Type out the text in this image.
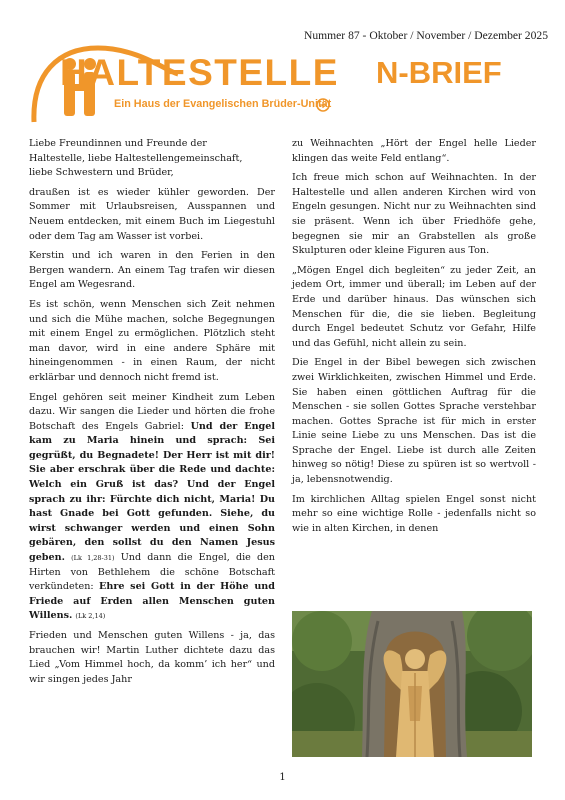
Nummer 87 - Oktober / November / Dezember 2025
HALTESTELLE N-BRIEF
Ein Haus der Evangelischen Brüder-Unität

Liebe Freundinnen und Freunde der

Haltestelle, liebe Haltestellengemeinschaft,

liebe Schwestern und Brüder,

draußen ist es wieder kühler geworden. Der Sommer mit Urlaubsreisen, Ausspannen und Neuem entdecken, mit einem Buch im Liegestuhl oder dem Tag am Wasser ist vorbei.

Kerstin und ich waren in den Ferien in den Bergen wandern. An einem Tag trafen wir diesen Engel am Wegesrand.

Es ist schön, wenn Menschen sich Zeit nehmen und sich die Mühe machen, solche Begegnungen mit einem Engel zu ermöglichen. Plötzlich steht man davor, wird in eine andere Sphäre mit hineingenommen - in einen Raum, der nicht erklärbar und dennoch nicht fremd ist.

Engel gehören seit meiner Kindheit zum Leben dazu. Wir sangen die Lieder und hörten die frohe Botschaft des Engels Gabriel: Und der Engel kam zu Maria hinein und sprach: Sei gegrüßt, du Begnadete! Der Herr ist mit dir! Sie aber erschrak über die Rede und dachte: Welch ein Gruß ist das? Und der Engel sprach zu ihr: Fürchte dich nicht, Maria! Du hast Gnade bei Gott gefunden. Siehe, du wirst schwanger werden und einen Sohn gebären, den sollst du den Namen Jesus geben. (Lk 1,28-31) Und dann die Engel, die den Hirten von Bethlehem die schöne Botschaft verkündeten: Ehre sei Gott in der Höhe und Friede auf Erden allen Menschen guten Willens. (Lk 2,14)

Frieden und Menschen guten Willens - ja, das brauchen wir! Martin Luther dichtete dazu das Lied „Vom Himmel hoch, da komm’ ich her“ und wir singen jedes Jahr

zu Weihnachten „Hört der Engel helle Lieder klingen das weite Feld entlang“.

Ich freue mich schon auf Weihnachten. In der Haltestelle und allen anderen Kirchen wird von Engeln gesungen. Nicht nur zu Weihnachten sind sie präsent. Wenn ich über Friedhöfe gehe, begegnen sie mir an Grabstellen als große Skulpturen oder kleine Figuren aus Ton.

„Mögen Engel dich begleiten“ zu jeder Zeit, an jedem Ort, immer und überall; im Leben auf der Erde und darüber hinaus. Das wünschen sich Menschen für die, die sie lieben. Begleitung durch Engel bedeutet Schutz vor Gefahr, Hilfe und das Gefühl, nicht allein zu sein.

Die Engel in der Bibel bewegen sich zwischen zwei Wirklichkeiten, zwischen Himmel und Erde. Sie haben einen göttlichen Auftrag für die Menschen - sie sollen Gottes Sprache verstehbar machen. Gottes Sprache ist für mich in erster Linie seine Liebe zu uns Menschen. Das ist die Sprache der Engel. Liebe ist durch alle Zeiten hinweg so nötig! Diese zu spüren ist so wertvoll - ja, lebensnotwendig.

Im kirchlichen Alltag spielen Engel sonst nicht mehr so eine wichtige Rolle - jedenfalls nicht so wie in alten Kirchen, in denen

1
